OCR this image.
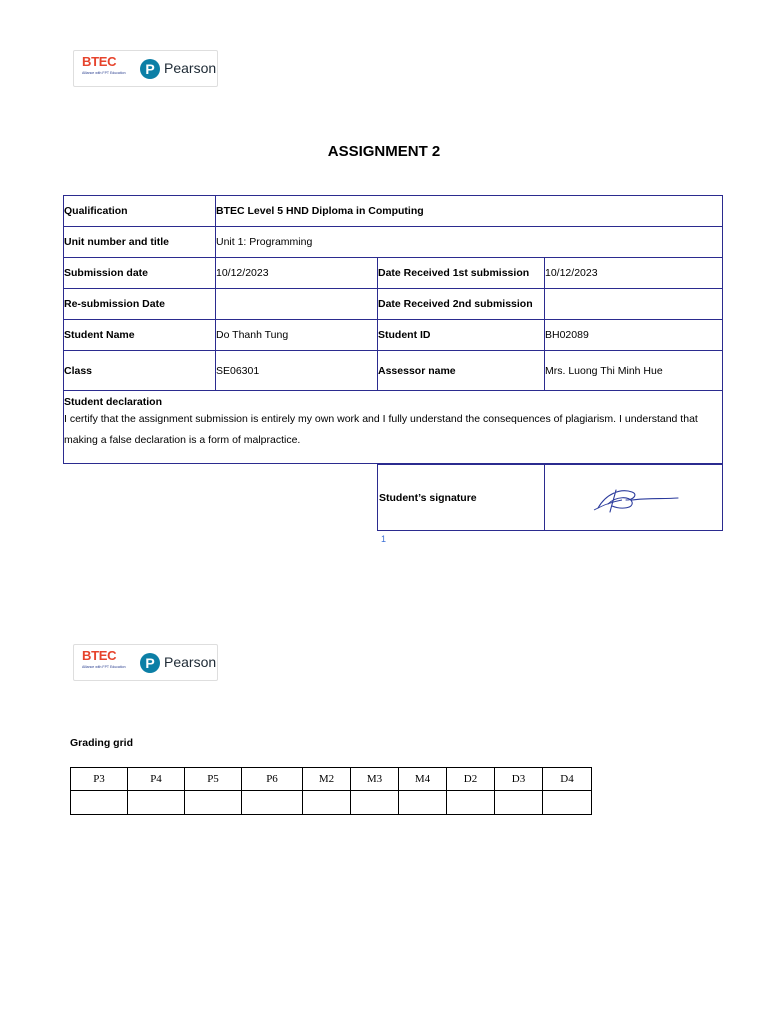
BTEC
Alliance with FPT Education	P Pearson
ASSIGNMENT 2
Qualification	BTEC Level 5 HND Diploma in Computing		
Unit number and title	Unit 1: Programming		
Submission date	10/12/2023	Date Received 1st submission	10/12/2023
Re-submission Date		Date Received 2nd submission	
Student Name	Do Thanh Tung	Student ID	BH02089
Class	SE06301	Assessor name	Mrs. Luong Thi Minh Hue

Student declaration
I certify that the assignment submission is entirely my own work and I fully understand the consequences of plagiarism. I understand that making a false declaration is a form of malpractice.			
Student’s signature	
1
BTEC
Alliance with FPT Education	P Pearson
Grading grid
P3	P4	P5	P6	M2	M3	M4	D2	D3	D4
